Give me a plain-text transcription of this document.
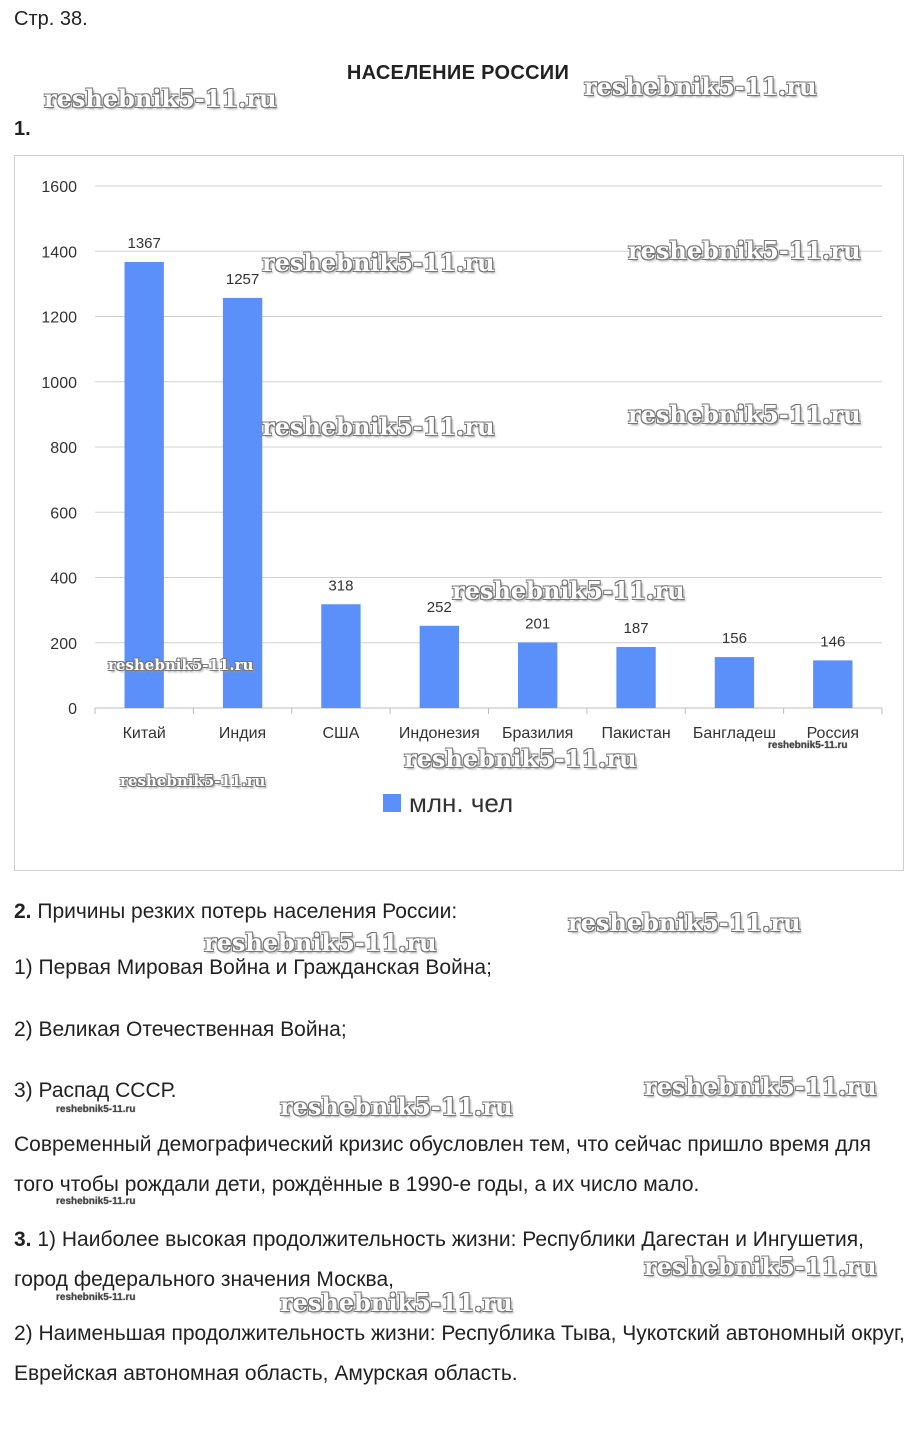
Стр. 38.
НАСЕЛЕНИЕ РОССИИ
1.
0
200
400
600
800
1000
1200
1400
1600
1367
Китай
1257
Индия
318
США
252
Индонезия
201
Бразилия
187
Пакистан
156
Бангладеш
146
Россия
млн. чел
2. Причины резких потерь населения России:
1) Первая Мировая Война и Гражданская Война;
2) Великая Отечественная Война;
3) Распад СССР.
Современный демографический кризис обусловлен тем, что сейчас пришло время для того чтобы рождали дети, рождённые в 1990-е годы, а их число мало.
3. 1) Наиболее высокая продолжительность жизни: Республики Дагестан и Ингушетия, город федерального значения Москва,
2) Наименьшая продолжительность жизни: Республика Тыва, Чукотский автономный округ, Еврейская автономная область, Амурская область.
reshebnik5-11.ru	reshebnik5-11.ru
reshebnik5-11.ru	reshebnik5-11.ru
reshebnik5-11.ru	reshebnik5-11.ru
reshebnik5-11.ru
reshebnik5-11.ru
reshebnik5-11.ru	reshebnik5-11.ru
reshebnik5-11.ru
reshebnik5-11.ru
reshebnik5-11.ru
reshebnik5-11.ru
reshebnik5-11.ru
reshebnik5-11.ru
reshebnik5-11.ru
reshebnik5-11.ru
reshebnik5-11.ru
reshebnik5-11.ru
